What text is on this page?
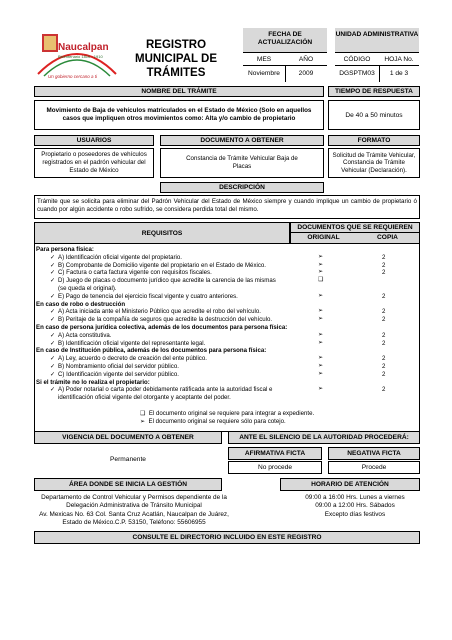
Naucalpan
Bicentenario 1810 - 1910
Un gobierno cercano a ti
REGISTRO
MUNICIPAL DE
TRÁMITES
FECHA DE ACTUALIZACIÓN
MES	AÑO
Noviembre	2009
UNIDAD ADMINISTRATIVA
CÓDIGO	HOJA No.
DGSPTM03	1 de 3
NOMBRE DEL TRÁMITE
Movimiento de Baja de vehículos matriculados en el Estado de México (Solo en aquellos casos que impliquen otros movimientos como: Alta y/o cambio de propietario
TIEMPO DE RESPUESTA
De 40 a 50 minutos
USUARIOS
Propietario o poseedores de vehículos registrados en el padrón vehicular del Estado de México
DOCUMENTO A OBTENER
Constancia de Trámite Vehicular Baja de Placas
FORMATO
Solicitud de Trámite Vehicular, Constancia de Trámite Vehicular (Declaración).
DESCRIPCIÓN
Trámite que se solicita para eliminar del Padrón Vehicular del Estado de México siempre y cuando implique un cambio de propietario ó cuando por algún accidente o robo sufrido, se considera perdida total del mismo.
REQUISITOS
DOCUMENTOS QUE SE REQUIEREN
ORIGINAL	COPIA
Para persona física:
✓ A) Identificación oficial vigente del propietario.	➢	2
✓ B) Comprobante de Domicilio vigente del propietario en el Estado de México.	➢	2
✓ C) Factura o carta factura vigente con requisitos fiscales.	➢	2
✓ D) Juego de placas o documento jurídico que acredite la carencia de las mismas	❑
(se queda el original).
✓ E) Pago de tenencia del ejercicio fiscal vigente y cuatro anteriores.	➢	2
En caso de robo o destrucción
✓ A) Acta iniciada ante el Ministerio Público que acredite el robo del vehículo.	➢	2
✓ B) Peritaje de la compañía de seguros que acredite la destrucción del vehículo.	➢	2
En caso de persona jurídica colectiva, además de los documentos para persona física:
✓ A) Acta constitutiva.	➢	2
✓ B) Identificación oficial vigente del representante legal.	➢	2
En caso de Institución pública, además de los documentos para persona física:
✓ A) Ley, acuerdo o decreto de creación del ente público.	➢	2
✓ B) Nombramiento oficial del servidor público.	➢	2
✓ C) Identificación vigente del servidor público.	➢	2
Si el trámite no lo realiza el propietario:
✓ A) Poder notarial o carta poder debidamente ratificada ante la autoridad fiscal e	➢	2
identificación oficial vigente del otorgante y aceptante del poder.
❑ El documento original se requiere para integrar a expediente.
➢ El documento original se requiere sólo para cotejo.
VIGENCIA DEL DOCUMENTO A OBTENER
Permanente
ANTE EL SILENCIO DE LA AUTORIDAD PROCEDERÁ:
AFIRMATIVA FICTA	NEGATIVA FICTA
No procede	Procede
ÁREA DONDE SE INICIA LA GESTIÓN
Departamento de Control Vehicular y Permisos dependiente de la
Delegación Administrativa de Tránsito Municipal
Av. Mexicas No. 63 Col. Santa Cruz Acatlán, Naucalpan de Juárez,
Estado de México.C.P. 53150, Teléfono: 55606955
HORARIO DE ATENCIÓN
09:00 a 16:00 Hrs. Lunes a viernes
09:00 a 12:00 Hrs. Sábados
Excepto días festivos
CONSULTE EL DIRECTORIO INCLUIDO EN ESTE REGISTRO
